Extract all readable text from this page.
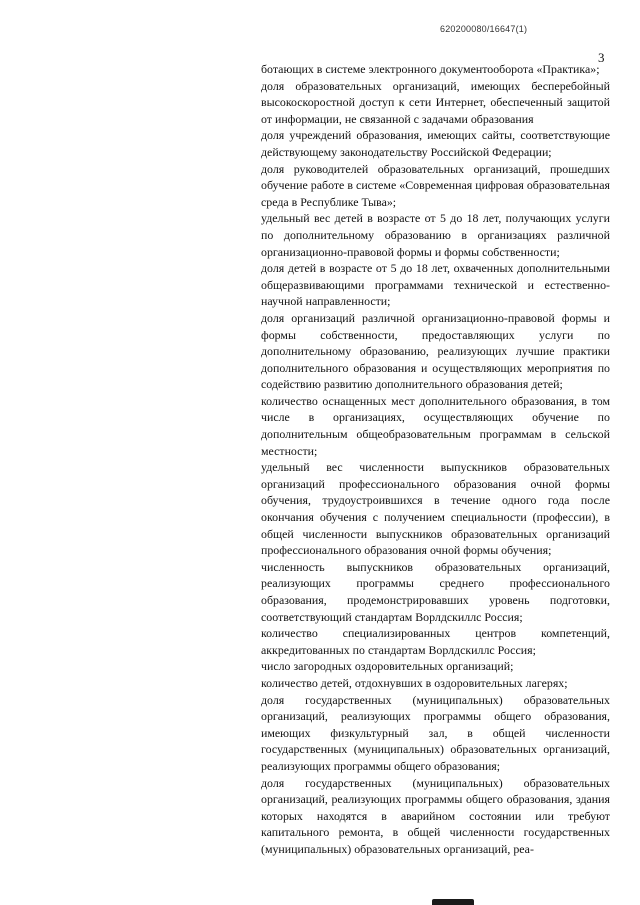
620200080/16647(1)
3

ботающих в системе электронного документооборота «Практика»;

доля образовательных организаций, имеющих бесперебойный высокоскоростной доступ к сети Интернет, обеспеченный защитой от информации, не связанной с задачами образования

доля учреждений образования, имеющих сайты, соответствующие действующему законодательству Российской Федерации;

доля руководителей образовательных организаций, прошедших обучение работе в системе «Современная цифровая образовательная среда в Республике Тыва»;

удельный вес детей в возрасте от 5 до 18 лет, получающих услуги по дополнительному образованию в организациях различной организационно-правовой формы и формы собственности;

доля детей в возрасте от 5 до 18 лет, охваченных дополнительными общеразвивающими программами технической и естественно-научной направленности;

доля организаций различной организационно-правовой формы и формы собственности, предоставляющих услуги по дополнительному образованию, реализующих лучшие практики дополнительного образования и осуществляющих мероприятия по содействию развитию дополнительного образования детей;

количество оснащенных мест дополнительного образования, в том числе в организациях, осуществляющих обучение по дополнительным общеобразовательным программам в сельской местности;

удельный вес численности выпускников образовательных организаций профессионального образования очной формы обучения, трудоустроившихся в течение одного года после окончания обучения с получением специальности (профессии), в общей численности выпускников образовательных организаций профессионального образования очной формы обучения;

численность выпускников образовательных организаций, реализующих программы среднего профессионального образования, продемонстрировавших уровень подготовки, соответствующий стандартам Ворлдскиллс Россия;

количество специализированных центров компетенций, аккредитованных по стандартам Ворлдскиллс Россия;

число загородных оздоровительных организаций;

количество детей, отдохнувших в оздоровительных лагерях;

доля государственных (муниципальных) образовательных организаций, реализующих программы общего образования, имеющих физкультурный зал, в общей численности государственных (муниципальных) образовательных организаций, реализующих программы общего образования;

доля государственных (муниципальных) образовательных организаций, реализующих программы общего образования, здания которых находятся в аварийном состоянии или требуют капитального ремонта, в общей численности государственных (муниципальных) образовательных организаций, реа-
